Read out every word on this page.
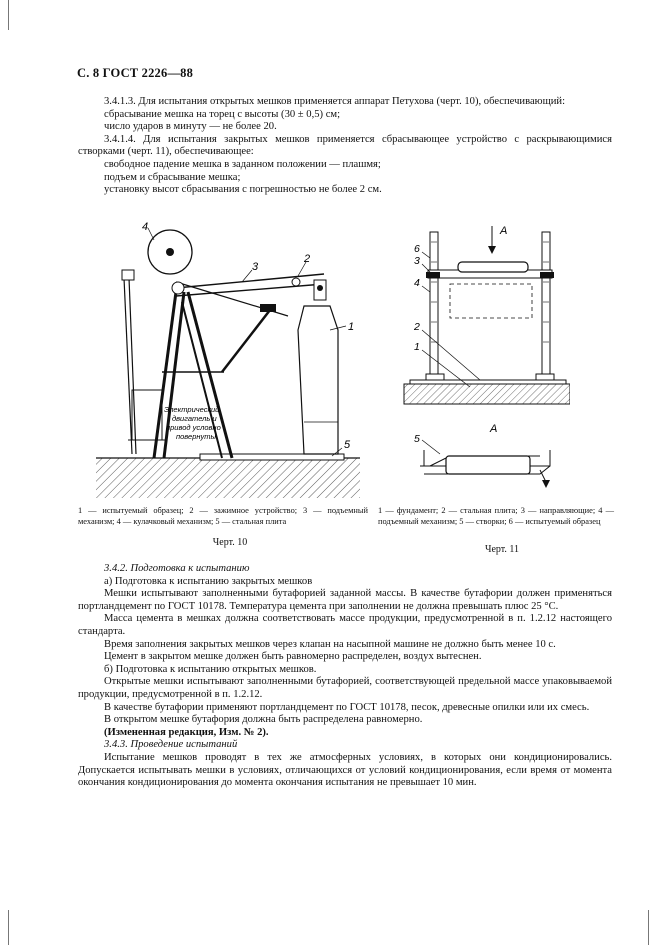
С. 8 ГОСТ 2226—88

3.4.1.3. Для испытания открытых мешков применяется аппарат Петухова (черт. 10), обеспечивающий:

сбрасывание мешка на торец с высоты (30 ± 0,5) см;

число ударов в минуту — не более 20.

3.4.1.4. Для испытания закрытых мешков применяется сбрасывающее устройство с раскрывающимися створками (черт. 11), обеспечивающее:

свободное падение мешка в заданном положении — плашмя;

подъем и сбрасывание мешка;

установку высот сбрасывания с погрешностью не более 2 см.

1
2
3
4
5
Электрический
двигатель и
привод условно
повернуты
1 — испытуемый образец; 2 — зажимное устройство; 3 — подъемный механизм; 4 — кулачковый механизм; 5 — стальная плита
Черт. 10
6
3
4
2
1
A
A
5
1 — фундамент; 2 — стальная плита; 3 — направляющие; 4 — подъемный механизм; 5 — створки; 6 — испытуемый образец
Черт. 11

3.4.2. Подготовка к испытанию

а) Подготовка к испытанию закрытых мешков

Мешки испытывают заполненными бутафорией заданной массы. В качестве бутафории должен применяться портландцемент по ГОСТ 10178. Температура цемента при заполнении не должна превышать плюс 25 °С.

Масса цемента в мешках должна соответствовать массе продукции, предусмотренной в п. 1.2.12 настоящего стандарта.

Время заполнения закрытых мешков через клапан на насыпной машине не должно быть менее 10 с.

Цемент в закрытом мешке должен быть равномерно распределен, воздух вытеснен.

б) Подготовка к испытанию открытых мешков.

Открытые мешки испытывают заполненными бутафорией, соответствующей предельной массе упаковываемой продукции, предусмотренной в п. 1.2.12.

В качестве бутафории применяют портландцемент по ГОСТ 10178, песок, древесные опилки или их смесь.

В открытом мешке бутафория должна быть распределена равномерно.

(Измененная редакция, Изм. № 2).

3.4.3. Проведение испытаний

Испытание мешков проводят в тех же атмосферных условиях, в которых они кондиционировались. Допускается испытывать мешки в условиях, отличающихся от условий кондиционирования, если время от момента окончания кондиционирования до момента окончания испытания не превышает 10 мин.
